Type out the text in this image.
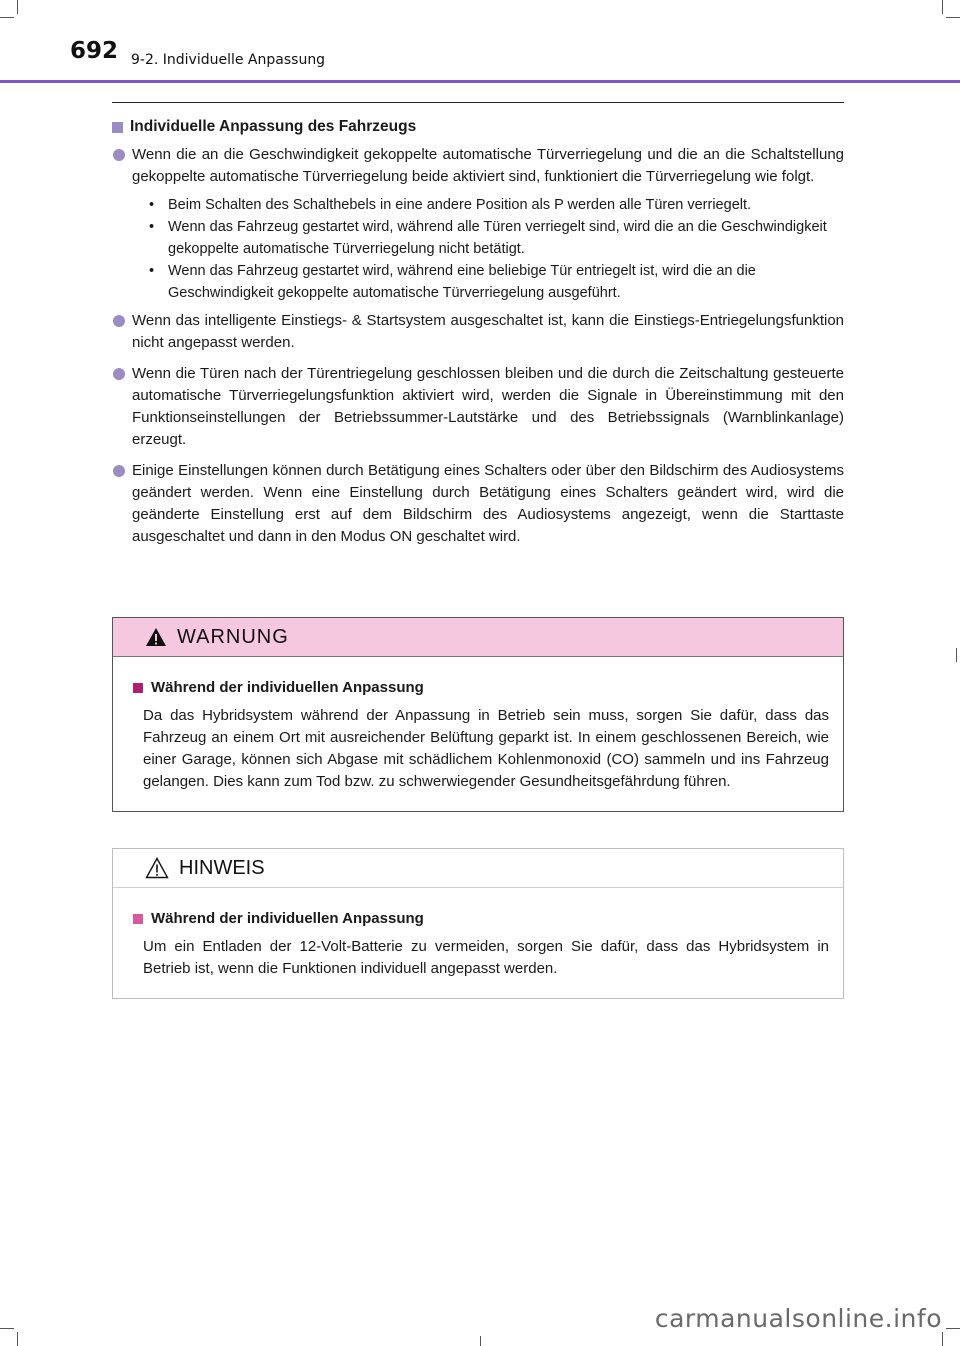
692 9-2. Individuelle Anpassung
Individuelle Anpassung des Fahrzeugs
Wenn die an die Geschwindigkeit gekoppelte automatische Türverriegelung und die an die Schaltstellung gekoppelte automatische Türverriegelung beide aktiviert sind, funktioniert die Türverriegelung wie folgt.
• Beim Schalten des Schalthebels in eine andere Position als P werden alle Türen verriegelt.
• Wenn das Fahrzeug gestartet wird, während alle Türen verriegelt sind, wird die an die Geschwindigkeit gekoppelte automatische Türverriegelung nicht betätigt.
• Wenn das Fahrzeug gestartet wird, während eine beliebige Tür entriegelt ist, wird die an die Geschwindigkeit gekoppelte automatische Türverriegelung ausgeführt.
Wenn das intelligente Einstiegs- & Startsystem ausgeschaltet ist, kann die Einstiegs-Entriegelungsfunktion nicht angepasst werden.
Wenn die Türen nach der Türentriegelung geschlossen bleiben und die durch die Zeitschaltung gesteuerte automatische Türverriegelungsfunktion aktiviert wird, werden die Signale in Übereinstimmung mit den Funktionseinstellungen der Betriebssummer-Lautstärke und des Betriebssignals (Warnblinkanlage) erzeugt.
Einige Einstellungen können durch Betätigung eines Schalters oder über den Bildschirm des Audiosystems geändert werden. Wenn eine Einstellung durch Betätigung eines Schalters geändert wird, wird die geänderte Einstellung erst auf dem Bildschirm des Audiosystems angezeigt, wenn die Starttaste ausgeschaltet und dann in den Modus ON geschaltet wird.
WARNUNG
Während der individuellen Anpassung
Da das Hybridsystem während der Anpassung in Betrieb sein muss, sorgen Sie dafür, dass das Fahrzeug an einem Ort mit ausreichender Belüftung geparkt ist. In einem geschlossenen Bereich, wie einer Garage, können sich Abgase mit schädlichem Kohlenmonoxid (CO) sammeln und ins Fahrzeug gelangen. Dies kann zum Tod bzw. zu schwerwiegender Gesundheitsgefährdung führen.
HINWEIS
Während der individuellen Anpassung
Um ein Entladen der 12-Volt-Batterie zu vermeiden, sorgen Sie dafür, dass das Hybridsystem in Betrieb ist, wenn die Funktionen individuell angepasst werden.
carmanualsonline.info
